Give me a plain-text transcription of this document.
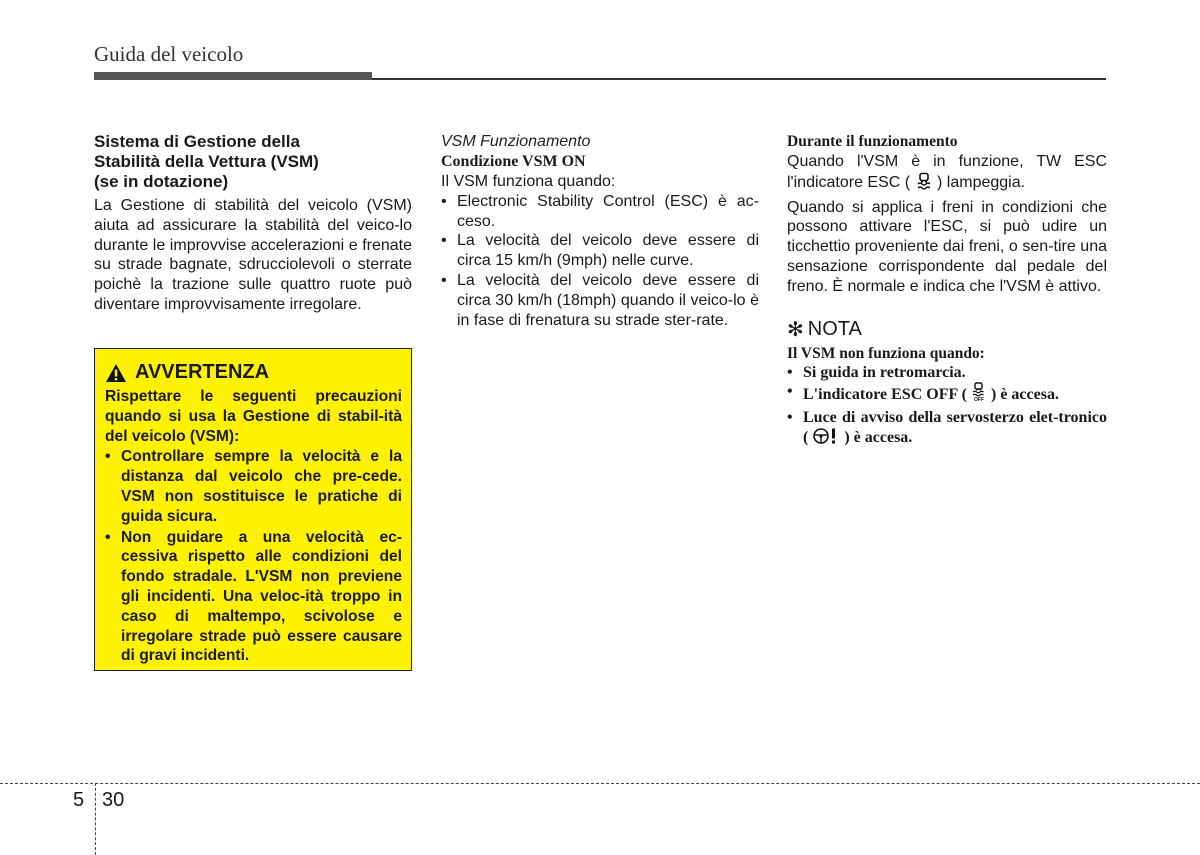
Guida del veicolo
Sistema di Gestione della
Stabilità della Vettura (VSM)
(se in dotazione)

La Gestione di stabilità del veicolo (VSM) aiuta ad assicurare la stabilità del veico-lo durante le improvvise accelerazioni e frenate su strade bagnate, sdrucciolevoli o sterrate poichè la trazione sulle quattro ruote può diventare improvvisamente irregolare.

AVVERTENZA

Rispettare le seguenti precauzioni quando si usa la Gestione di stabil-ità del veicolo (VSM):

• Controllare sempre la velocità e la distanza dal veicolo che pre-cede. VSM non sostituisce le pratiche di guida sicura.
• Non guidare a una velocità ec-cessiva rispetto alle condizioni del fondo stradale. L'VSM non previene gli incidenti. Una veloc-ità troppo in caso di maltempo, scivolose e irregolare strade può essere causare di gravi incidenti.
VSM Funzionamento
Condizione VSM ON
Il VSM funziona quando:
• Electronic Stability Control (ESC) è ac-ceso.
• La velocità del veicolo deve essere di circa 15 km/h (9mph) nelle curve.
• La velocità del veicolo deve essere di circa 30 km/h (18mph) quando il veico-lo è in fase di frenatura su strade ster-rate.
Durante il funzionamento

Quando l'VSM è in funzione, TW ESC l'indicatore ESC ( ) lampeggia.

Quando si applica i freni in condizioni che possono attivare l'ESC, si può udire un ticchettio proveniente dai freni, o sen-tire una sensazione corrispondente dal pedale del freno. È normale e indica che l'VSM è attivo.

✻ NOTA
Il VSM non funziona quando:
• Si guida in retromarcia.
• L'indicatore ESC OFF ( OFF ) è accesa.
• Luce di avviso della servosterzo elet-tronico ( ) è accesa.
5 30
